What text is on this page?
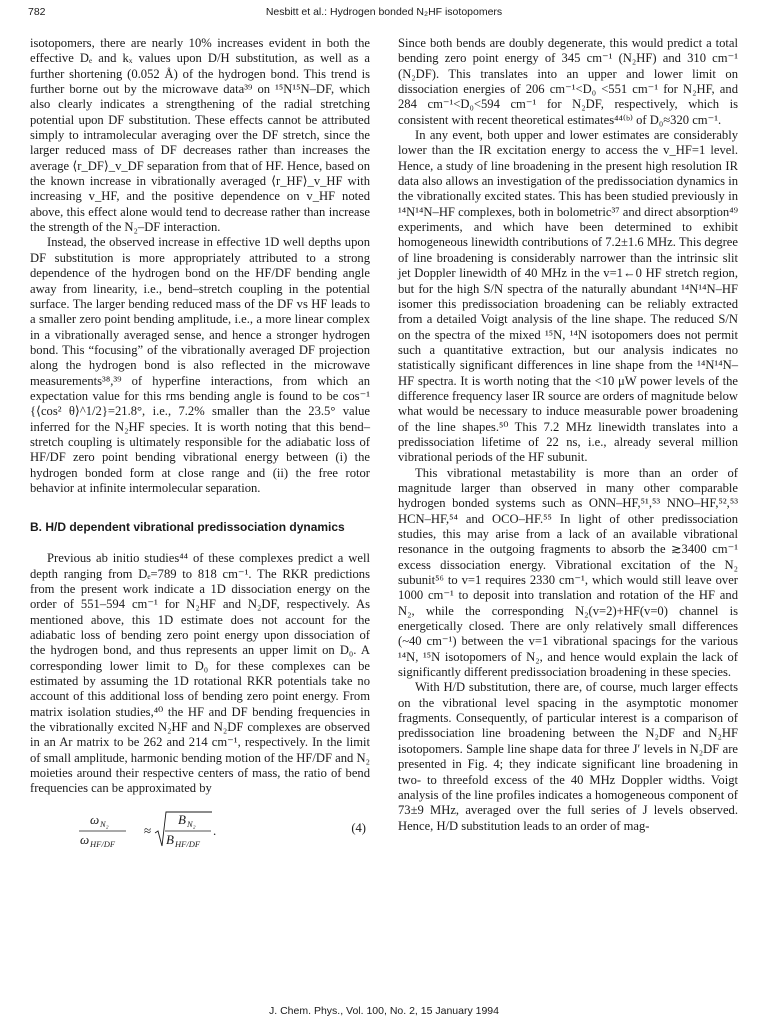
782	Nesbitt et al.: Hydrogen bonded N₂HF isotopomers

isotopomers, there are nearly 10% increases evident in both the effective Dₑ and kₓ values upon D/H substitution, as well as a further shortening (0.052 Å) of the hydrogen bond. This trend is further borne out by the microwave data³⁹ on ¹⁵N¹⁵N–DF, which also clearly indicates a strengthening of the radial stretching potential upon DF substitution. These effects cannot be attributed simply to intramolecular averaging over the DF stretch, since the larger reduced mass of DF decreases rather than increases the average ⟨r_DF⟩_v_DF separation from that of HF. Hence, based on the known increase in vibrationally averaged ⟨r_HF⟩_v_HF with increasing v_HF, and the positive dependence on v_HF noted above, this effect alone would tend to decrease rather than increase the strength of the N₂–DF interaction.

Instead, the observed increase in effective 1D well depths upon DF substitution is more appropriately attributed to a strong dependence of the hydrogen bond on the HF/DF bending angle away from linearity, i.e., bend–stretch coupling in the potential surface. The larger bending reduced mass of the DF vs HF leads to a smaller zero point bending amplitude, i.e., a more linear complex in a vibrationally averaged sense, and hence a stronger hydrogen bond. This “focusing” of the vibrationally averaged DF projection along the hydrogen bond is also reflected in the microwave measurements³⁸,³⁹ of hyperfine interactions, from which an expectation value for this rms bending angle is found to be cos⁻¹ {⟨cos² θ⟩^1/2}=21.8°, i.e., 7.2% smaller than the 23.5° value inferred for the N₂HF species. It is worth noting that this bend–stretch coupling is ultimately responsible for the adiabatic loss of HF/DF zero point bending vibrational energy between (i) the hydrogen bonded form at close range and (ii) the free rotor behavior at infinite intermolecular separation.

B. H/D dependent vibrational predissociation dynamics

Previous ab initio studies⁴⁴ of these complexes predict a well depth ranging from Dₑ=789 to 818 cm⁻¹. The RKR predictions from the present work indicate a 1D dissociation energy on the order of 551–594 cm⁻¹ for N₂HF and N₂DF, respectively. As mentioned above, this 1D estimate does not account for the adiabatic loss of bending zero point energy upon dissociation of the hydrogen bond, and thus represents an upper limit on D₀. A corresponding lower limit to D₀ for these complexes can be estimated by assuming the 1D rotational RKR potentials take no account of this additional loss of bending zero point energy. From matrix isolation studies,⁴⁰ the HF and DF bending frequencies in the vibrationally excited N₂HF and N₂DF complexes are observed in an Ar matrix to be 262 and 214 cm⁻¹, respectively. In the limit of small amplitude, harmonic bending motion of the HF/DF and N₂ moieties around their respective centers of mass, the ratio of bend frequencies can be approximated by

ω N₂
ω HF/DF
≈
B N₂
B HF/DF
.	(4)

Since both bends are doubly degenerate, this would predict a total bending zero point energy of 345 cm⁻¹ (N₂HF) and 310 cm⁻¹ (N₂DF). This translates into an upper and lower limit on dissociation energies of 206 cm⁻¹<D₀ <551 cm⁻¹ for N₂HF, and 284 cm⁻¹<D₀<594 cm⁻¹ for N₂DF, respectively, which is consistent with recent theoretical estimates⁴⁴⁽ᵇ⁾ of D₀≈320 cm⁻¹.

In any event, both upper and lower estimates are considerably lower than the IR excitation energy to access the v_HF=1 level. Hence, a study of line broadening in the present high resolution IR data also allows an investigation of the predissociation dynamics in the vibrationally excited states. This has been studied previously in ¹⁴N¹⁴N–HF complexes, both in bolometric³⁷ and direct absorption⁴⁹ experiments, and which have been determined to exhibit homogeneous linewidth contributions of 7.2±1.6 MHz. This degree of line broadening is considerably narrower than the intrinsic slit jet Doppler linewidth of 40 MHz in the v=1←0 HF stretch region, but for the high S/N spectra of the naturally abundant ¹⁴N¹⁴N–HF isomer this predissociation broadening can be reliably extracted from a detailed Voigt analysis of the line shape. The reduced S/N on the spectra of the mixed ¹⁵N, ¹⁴N isotopomers does not permit such a quantitative extraction, but our analysis indicates no statistically significant differences in line shape from the ¹⁴N¹⁴N–HF spectra. It is worth noting that the <10 μW power levels of the difference frequency laser IR source are orders of magnitude below what would be necessary to induce measurable power broadening of the line shapes.⁵⁰ This 7.2 MHz linewidth translates into a predissociation lifetime of 22 ns, i.e., already several million vibrational periods of the HF subunit.

This vibrational metastability is more than an order of magnitude larger than observed in many other comparable hydrogen bonded systems such as ONN–HF,⁵¹,⁵³ NNO–HF,⁵²,⁵³ HCN–HF,⁵⁴ and OCO–HF.⁵⁵ In light of other predissociation studies, this may arise from a lack of an available vibrational resonance in the outgoing fragments to absorb the ≳3400 cm⁻¹ excess dissociation energy. Vibrational excitation of the N₂ subunit⁵⁶ to v=1 requires 2330 cm⁻¹, which would still leave over 1000 cm⁻¹ to deposit into translation and rotation of the HF and N₂, while the corresponding N₂(v=2)+HF(v=0) channel is energetically closed. There are only relatively small differences (~40 cm⁻¹) between the v=1 vibrational spacings for the various ¹⁴N, ¹⁵N isotopomers of N₂, and hence would explain the lack of significantly different predissociation broadening in these species.

With H/D substitution, there are, of course, much larger effects on the vibrational level spacing in the asymptotic monomer fragments. Consequently, of particular interest is a comparison of predissociation line broadening between the N₂DF and N₂HF isotopomers. Sample line shape data for three J′ levels in N₂DF are presented in Fig. 4; they indicate significant line broadening in two- to threefold excess of the 40 MHz Doppler widths. Voigt analysis of the line profiles indicates a homogeneous component of 73±9 MHz, averaged over the full series of J levels observed. Hence, H/D substitution leads to an order of mag-

J. Chem. Phys., Vol. 100, No. 2, 15 January 1994
